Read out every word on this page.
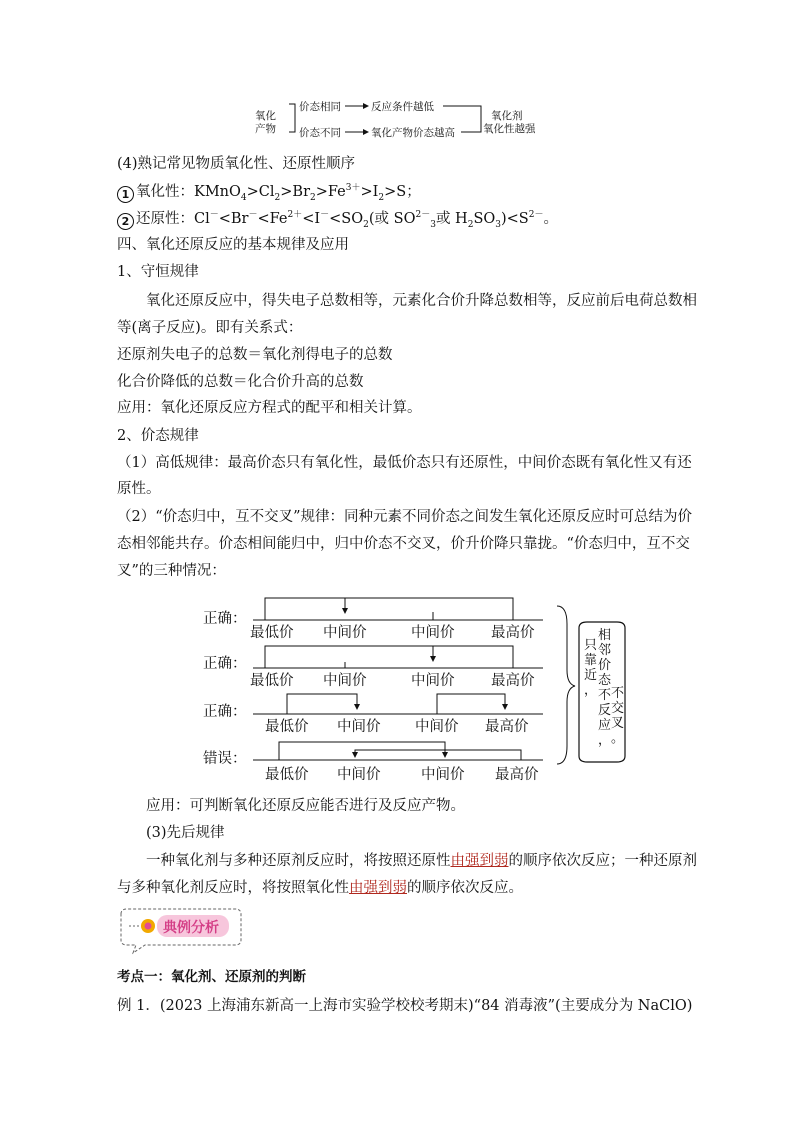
氧化
产物
价态相同	反应条件越低
价态不同	氧化产物价态越高
氧化剂
氧化性越强
(4)熟记常见物质氧化性、还原性顺序
1 氧化性：$KMnO_4>Cl_2>Br_2>Fe^{3+}>I_2>S$；
2 还原性：$Cl^-<Br^-<Fe^{2+}<I^-<SO_2$(或 $SO^{2-}_3$或 $H_2SO_3)<S^{2-}$。
四、氧化还原反应的基本规律及应用
1、守恒规律
氧化还原反应中，得失电子总数相等，元素化合价升降总数相等，反应前后电荷总数相
等(离子反应)。即有关系式：
还原剂失电子的总数＝氧化剂得电子的总数
化合价降低的总数＝化合价升高的总数
应用：氧化还原反应方程式的配平和相关计算。
2、价态规律
（1）高低规律：最高价态只有氧化性，最低价态只有还原性，中间价态既有氧化性又有还
原性。
（2）“价态归中，互不交叉”规律：同种元素不同价态之间发生氧化还原反应时可总结为价
态相邻能共存。价态相间能归中，归中价态不交叉，价升价降只靠拢。“价态归中，互不交
叉”的三种情况：
正确：
最低价 中间价	中间价	最高价
正确：
最低价 中间价	中间价	最高价
正确：
最低价 中间价 中间价 最高价
错误：
最低价 中间价	中间价 最高价
只
靠
近
，
相
邻
价
态
不
反
应
，
不
交
叉
。
应用：可判断氧化还原反应能否进行及反应产物。
(3)先后规律
一种氧化剂与多种还原剂反应时，将按照还原性由强到弱的顺序依次反应；一种还原剂
与多种氧化剂反应时，将按照氧化性由强到弱的顺序依次反应。
典例分析
考点一：氧化剂、还原剂的判断
例 1．(2023 上海浦东新高一上海市实验学校校考期末)“84 消毒液”(主要成分为 NaClO)
